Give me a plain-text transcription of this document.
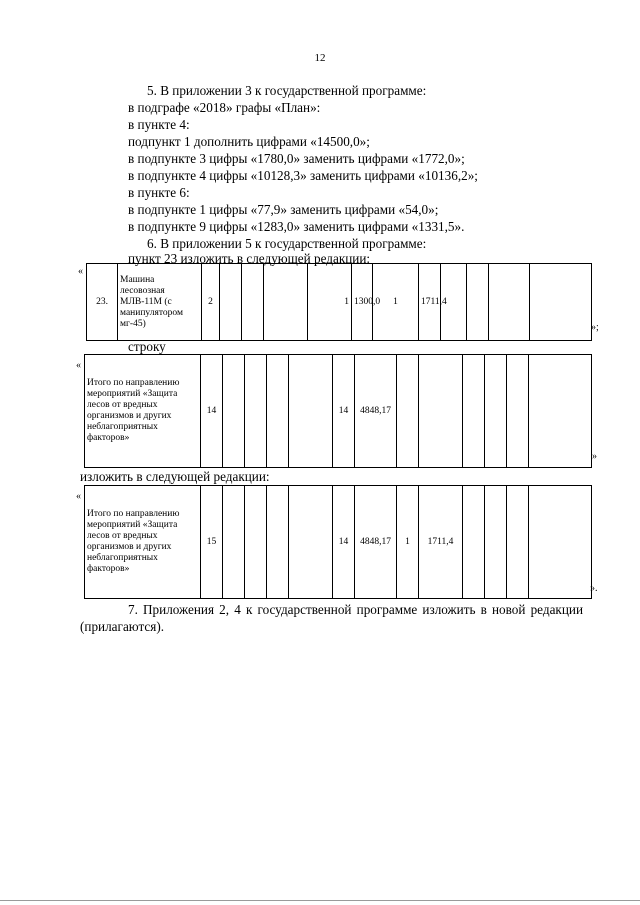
12
5. В приложении 3 к государственной программе:
в подграфе «2018» графы «План»:
в пункте 4:
подпункт 1 дополнить цифрами «14500,0»;
в подпункте 3 цифры «1780,0» заменить цифрами «1772,0»;
в подпункте 4 цифры «10128,3» заменить цифрами «10136,2»;
в пункте 6:
в подпункте 1 цифры «77,9» заменить цифрами «54,0»;
в подпункте 9 цифры «1283,0» заменить цифрами «1331,5».
6. В приложении 5 к государственной программе:
пункт 23 изложить в следующей редакции:
«
23.	Машина лесовозная МЛВ-11М (с манипулятором мг-45)	2				1	1300,0	1	1711,4				
»;
строку
«
Итого по направлению мероприятий «Защита лесов от вредных организмов и других неблагоприятных факторов»	14					14	4848,17						
»
изложить в следующей редакции:
«
Итого по направлению мероприятий «Защита лесов от вредных организмов и других неблагоприятных факторов»	15					14	4848,17	1	1711,4				
».
7. Приложения 2, 4 к государственной программе изложить в новой редакции (прилагаются).
